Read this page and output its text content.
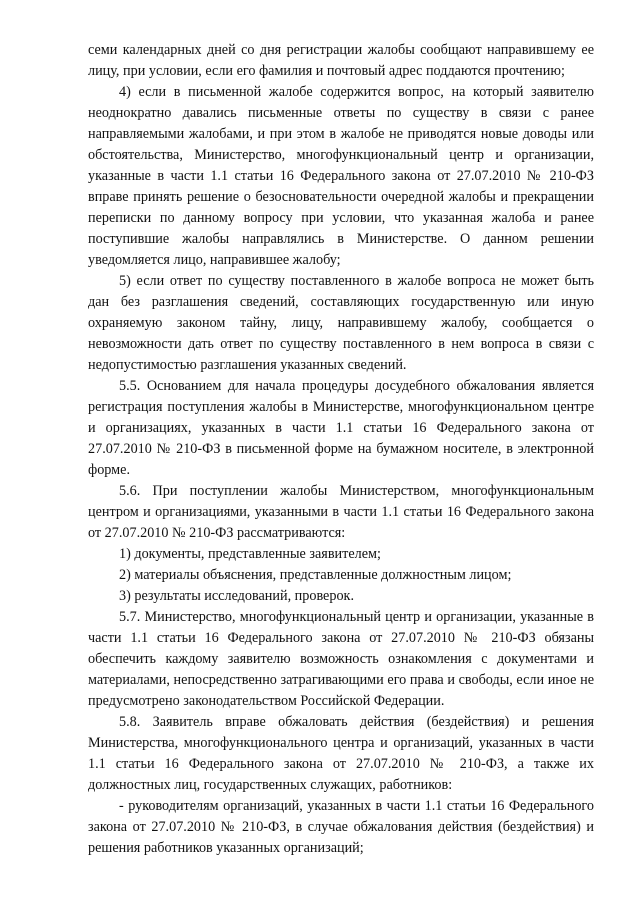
семи календарных дней со дня регистрации жалобы сообщают направившему ее лицу, при условии, если его фамилия и почтовый адрес поддаются прочтению;

4) если в письменной жалобе содержится вопрос, на который заявителю неоднократно давались письменные ответы по существу в связи с ранее направляемыми жалобами, и при этом в жалобе не приводятся новые доводы или обстоятельства, Министерство, многофункциональный центр и организации, указанные в части 1.1 статьи 16 Федерального закона от 27.07.2010 № 210-ФЗ вправе принять решение о безосновательности очередной жалобы и прекращении переписки по данному вопросу при условии, что указанная жалоба и ранее поступившие жалобы направлялись в Министерстве. О данном решении уведомляется лицо, направившее жалобу;

5) если ответ по существу поставленного в жалобе вопроса не может быть дан без разглашения сведений, составляющих государственную или иную охраняемую законом тайну, лицу, направившему жалобу, сообщается о невозможности дать ответ по существу поставленного в нем вопроса в связи с недопустимостью разглашения указанных сведений.

5.5. Основанием для начала процедуры досудебного обжалования является регистрация поступления жалобы в Министерстве, многофункциональном центре и организациях, указанных в части 1.1 статьи 16 Федерального закона от 27.07.2010 № 210-ФЗ в письменной форме на бумажном носителе, в электронной форме.

5.6. При поступлении жалобы Министерством, многофункциональным центром и организациями, указанными в части 1.1 статьи 16 Федерального закона от 27.07.2010 № 210-ФЗ рассматриваются:

1) документы, представленные заявителем;

2) материалы объяснения, представленные должностным лицом;

3) результаты исследований, проверок.

5.7. Министерство, многофункциональный центр и организации, указанные в части 1.1 статьи 16 Федерального закона от 27.07.2010 № 210-ФЗ обязаны обеспечить каждому заявителю возможность ознакомления с документами и материалами, непосредственно затрагивающими его права и свободы, если иное не предусмотрено законодательством Российской Федерации.

5.8. Заявитель вправе обжаловать действия (бездействия) и решения Министерства, многофункционального центра и организаций, указанных в части 1.1 статьи 16 Федерального закона от 27.07.2010 № 210-ФЗ, а также их должностных лиц, государственных служащих, работников:

- руководителям организаций, указанных в части 1.1 статьи 16 Федерального закона от 27.07.2010 № 210-ФЗ, в случае обжалования действия (бездействия) и решения работников указанных организаций;
